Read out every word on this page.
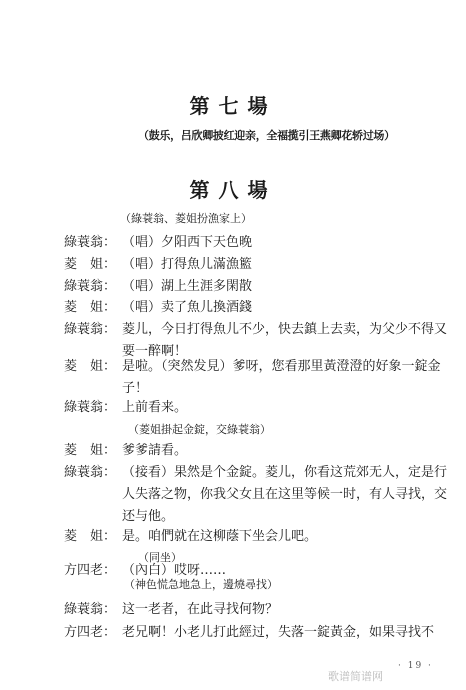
第七場
（鼓乐，吕欣卿披红迎亲，全福揽引王燕卿花轿过场）
第八場
（綠蓑翁、菱姐扮漁家上）
綠蓑翁： （唱）夕阳西下天色晚
菱　姐： （唱）打得魚儿滿漁籃
綠蓑翁： （唱）湖上生涯多閑散
菱　姐： （唱）卖了魚儿換酒錢
綠蓑翁： 菱儿，今日打得魚儿不少，快去鎮上去卖，为父少不得又要一醉啊！
菱　姐： 是啦。（突然发見）爹呀，您看那里黃澄澄的好象一錠金子！
綠蓑翁： 上前看来。
（菱姐掛起金錠，交綠蓑翁）
菱　姐： 爹爹請看。
綠蓑翁： （接看）果然是个金錠。菱儿，你看这荒郊无人，定是行人失落之物，你我父女且在这里等候一时，有人寻找，交还与他。
菱　姐： 是。咱們就在这柳蔭下坐会儿吧。
（同坐）
方四老： （內白）哎呀……
（神色慌急地急上，邊燒尋找）
綠蓑翁： 这一老者，在此寻找何物？
方四老： 老兄啊！小老儿打此經过，失落一錠黃金，如果寻找不
· 19 ·
歌谱简谱网
